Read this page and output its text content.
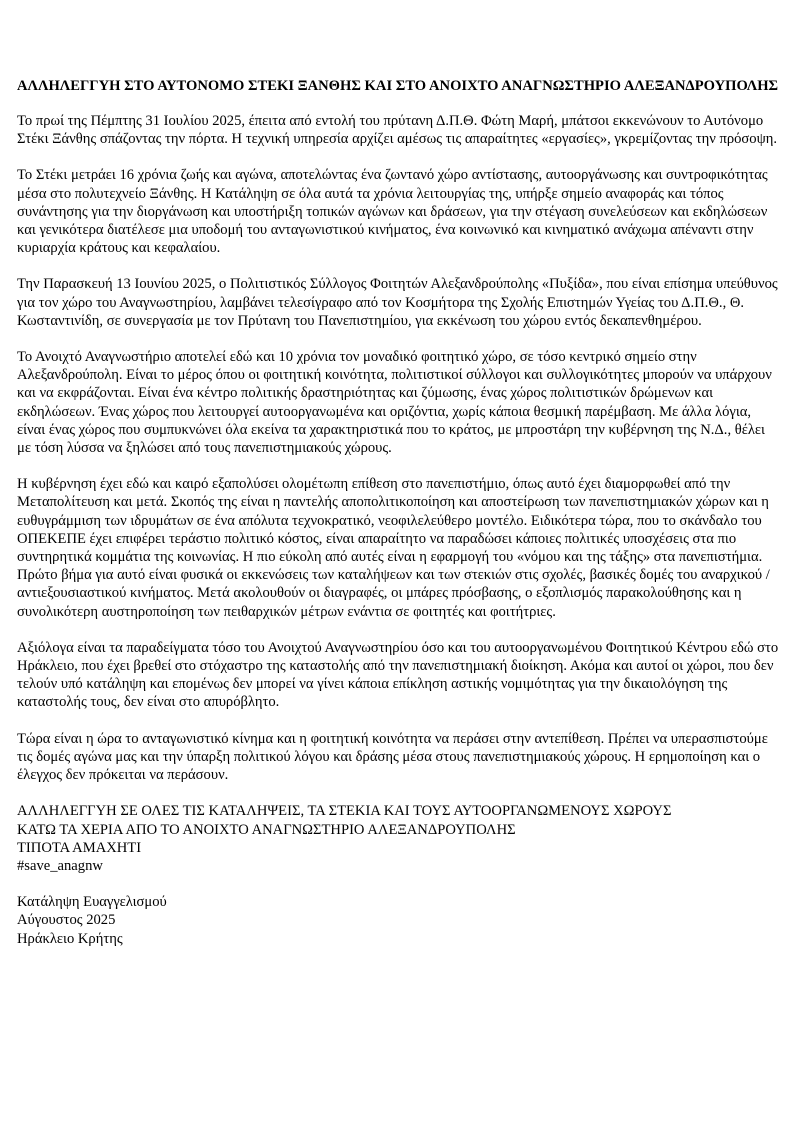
ΑΛΛΗΛΕΓΓΥΗ ΣΤΟ ΑΥΤΟΝΟΜΟ ΣΤΕΚΙ ΞΑΝΘΗΣ ΚΑΙ ΣΤΟ ΑΝΟΙΧΤΟ ΑΝΑΓΝΩΣΤΗΡΙΟ ΑΛΕΞΑΝΔΡΟΥΠΟΛΗΣ

Το πρωί της Πέμπτης 31 Ιουλίου 2025, έπειτα από εντολή του πρύτανη Δ.Π.Θ. Φώτη Μαρή, μπάτσοι εκκενώνουν το Αυτόνομο Στέκι Ξάνθης σπάζοντας την πόρτα. Η τεχνική υπηρεσία αρχίζει αμέσως τις απαραίτητες «εργασίες», γκρεμίζοντας την πρόσοψη.

Το Στέκι μετράει 16 χρόνια ζωής και αγώνα, αποτελώντας ένα ζωντανό χώρο αντίστασης, αυτοοργάνωσης και συντροφικότητας μέσα στο πολυτεχνείο Ξάνθης. Η Κατάληψη σε όλα αυτά τα χρόνια λειτουργίας της, υπήρξε σημείο αναφοράς και τόπος συνάντησης για την διοργάνωση και υποστήριξη τοπικών αγώνων και δράσεων, για την στέγαση συνελεύσεων και εκδηλώσεων και γενικότερα διατέλεσε μια υποδομή του ανταγωνιστικού κινήματος, ένα κοινωνικό και κινηματικό ανάχωμα απέναντι στην κυριαρχία κράτους και κεφαλαίου.

Την Παρασκευή 13 Ιουνίου 2025, ο Πολιτιστικός Σύλλογος Φοιτητών Αλεξανδρούπολης «Πυξίδα», που είναι επίσημα υπεύθυνος για τον χώρο του Αναγνωστηρίου, λαμβάνει τελεσίγραφο από τον Κοσμήτορα της Σχολής Επιστημών Υγείας του Δ.Π.Θ., Θ. Κωσταντινίδη, σε συνεργασία με τον Πρύτανη του Πανεπιστημίου, για εκκένωση του χώρου εντός δεκαπενθημέρου.

Το Ανοιχτό Αναγνωστήριο αποτελεί εδώ και 10 χρόνια τον μοναδικό φοιτητικό χώρο, σε τόσο κεντρικό σημείο στην Αλεξανδρούπολη. Είναι το μέρος όπου οι φοιτητική κοινότητα, πολιτιστικοί σύλλογοι και συλλογικότητες μπορούν να υπάρχουν και να εκφράζονται. Είναι ένα κέντρο πολιτικής δραστηριότητας και ζύμωσης, ένας χώρος πολιτιστικών δρώμενων και εκδηλώσεων. Ένας χώρος που λειτουργεί αυτοοργανωμένα και οριζόντια, χωρίς κάποια θεσμική παρέμβαση. Με άλλα λόγια, είναι ένας χώρος που συμπυκνώνει όλα εκείνα τα χαρακτηριστικά που το κράτος, με μπροστάρη την κυβέρνηση της Ν.Δ., θέλει με τόση λύσσα να ξηλώσει από τους πανεπιστημιακούς χώρους.

Η κυβέρνηση έχει εδώ και καιρό εξαπολύσει ολομέτωπη επίθεση στο πανεπιστήμιο, όπως αυτό έχει διαμορφωθεί από την Μεταπολίτευση και μετά. Σκοπός της είναι η παντελής αποπολιτικοποίηση και αποστείρωση των πανεπιστημιακών χώρων και η ευθυγράμμιση των ιδρυμάτων σε ένα απόλυτα τεχνοκρατικό, νεοφιλελεύθερο μοντέλο. Ειδικότερα τώρα, που το σκάνδαλο του ΟΠΕΚΕΠΕ έχει επιφέρει τεράστιο πολιτικό κόστος, είναι απαραίτητο να παραδώσει κάποιες πολιτικές υποσχέσεις στα πιο συντηρητικά κομμάτια της κοινωνίας. Η πιο εύκολη από αυτές είναι η εφαρμογή του «νόμου και της τάξης» στα πανεπιστήμια. Πρώτο βήμα για αυτό είναι φυσικά οι εκκενώσεις των καταλήψεων και των στεκιών στις σχολές, βασικές δομές του αναρχικού / αντιεξουσιαστικού κινήματος. Μετά ακολουθούν οι διαγραφές, οι μπάρες πρόσβασης, ο εξοπλισμός παρακολούθησης και η συνολικότερη αυστηροποίηση των πειθαρχικών μέτρων ενάντια σε φοιτητές και φοιτήτριες.

Αξιόλογα είναι τα παραδείγματα τόσο του Ανοιχτού Αναγνωστηρίου όσο και του αυτοοργανωμένου Φοιτητικού Κέντρου εδώ στο Ηράκλειο, που έχει βρεθεί στο στόχαστρο της καταστολής από την πανεπιστημιακή διοίκηση. Ακόμα και αυτοί οι χώροι, που δεν τελούν υπό κατάληψη και επομένως δεν μπορεί να γίνει κάποια επίκληση αστικής νομιμότητας για την δικαιολόγηση της καταστολής τους, δεν είναι στο απυρόβλητο.

Τώρα είναι η ώρα το ανταγωνιστικό κίνημα και η φοιτητική κοινότητα να περάσει στην αντεπίθεση. Πρέπει να υπερασπιστούμε τις δομές αγώνα μας και την ύπαρξη πολιτικού λόγου και δράσης μέσα στους πανεπιστημιακούς χώρους. Η ερημοποίηση και ο έλεγχος δεν πρόκειται να περάσουν.

ΑΛΛΗΛΕΓΓΥΗ ΣΕ ΟΛΕΣ ΤΙΣ ΚΑΤΑΛΗΨΕΙΣ, ΤΑ ΣΤΕΚΙΑ ΚΑΙ ΤΟΥΣ ΑΥΤΟΟΡΓΑΝΩΜΕΝΟΥΣ ΧΩΡΟΥΣ
ΚΑΤΩ ΤΑ ΧΕΡΙΑ ΑΠΟ ΤΟ ΑΝΟΙΧΤΟ ΑΝΑΓΝΩΣΤΗΡΙΟ ΑΛΕΞΑΝΔΡΟΥΠΟΛΗΣ
ΤΙΠΟΤΑ ΑΜΑΧΗΤΙ
#save_anagnw
Κατάληψη Ευαγγελισμού
Αύγουστος 2025
Ηράκλειο Κρήτης
